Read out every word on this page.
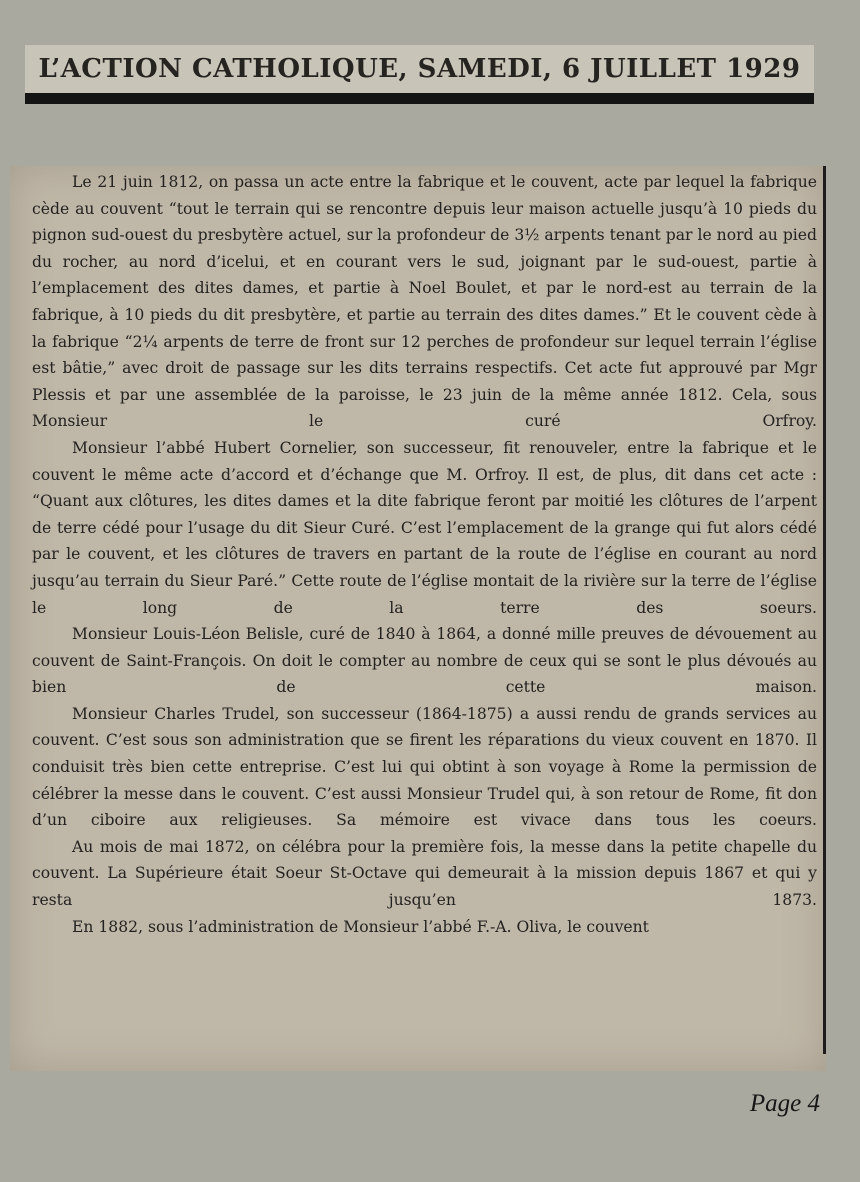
L’ACTION CATHOLIQUE, SAMEDI, 6 JUILLET 1929

Le 21 juin 1812, on passa un acte entre la fabrique et le couvent, acte par lequel la fabrique cède au couvent “tout le terrain qui se rencontre depuis leur maison actuelle jusqu’à 10 pieds du pignon sud-ouest du presbytère actuel, sur la profondeur de 3½ arpents tenant par le nord au pied du rocher, au nord d’icelui, et en courant vers le sud, joignant par le sud-ouest, partie à l’emplacement des dites dames, et partie à Noel Boulet, et par le nord-est au terrain de la fabrique, à 10 pieds du dit presbytère, et partie au terrain des dites dames.” Et le couvent cède à la fabrique “2¼ arpents de terre de front sur 12 perches de profondeur sur lequel terrain l’église est bâtie,” avec droit de passage sur les dits terrains respectifs. Cet acte fut approuvé par Mgr Plessis et par une assemblée de la paroisse, le 23 juin de la même année 1812. Cela, sous Monsieur le curé Orfroy.

Monsieur l’abbé Hubert Cornelier, son successeur, fit renouveler, entre la fabrique et le couvent le même acte d’accord et d’échange que M. Orfroy. Il est, de plus, dit dans cet acte : “Quant aux clôtures, les dites dames et la dite fabrique feront par moitié les clôtures de l’arpent de terre cédé pour l’usage du dit Sieur Curé. C’est l’emplacement de la grange qui fut alors cédé par le couvent, et les clôtures de travers en partant de la route de l’église en courant au nord jusqu’au terrain du Sieur Paré.” Cette route de l’église montait de la rivière sur la terre de l’église le long de la terre des soeurs.

Monsieur Louis-Léon Belisle, curé de 1840 à 1864, a donné mille preuves de dévouement au couvent de Saint-François. On doit le compter au nombre de ceux qui se sont le plus dévoués au bien de cette maison.

Monsieur Charles Trudel, son successeur (1864-1875) a aussi rendu de grands services au couvent. C’est sous son administration que se firent les réparations du vieux couvent en 1870. Il conduisit très bien cette entreprise. C’est lui qui obtint à son voyage à Rome la permission de célébrer la messe dans le couvent. C’est aussi Monsieur Trudel qui, à son retour de Rome, fit don d’un ciboire aux religieuses. Sa mémoire est vivace dans tous les coeurs.

Au mois de mai 1872, on célébra pour la première fois, la messe dans la petite chapelle du couvent. La Supérieure était Soeur St-Octave qui demeurait à la mission depuis 1867 et qui y resta jusqu’en 1873.

En 1882, sous l’administration de Monsieur l’abbé F.-A. Oliva, le couvent

Page 4
